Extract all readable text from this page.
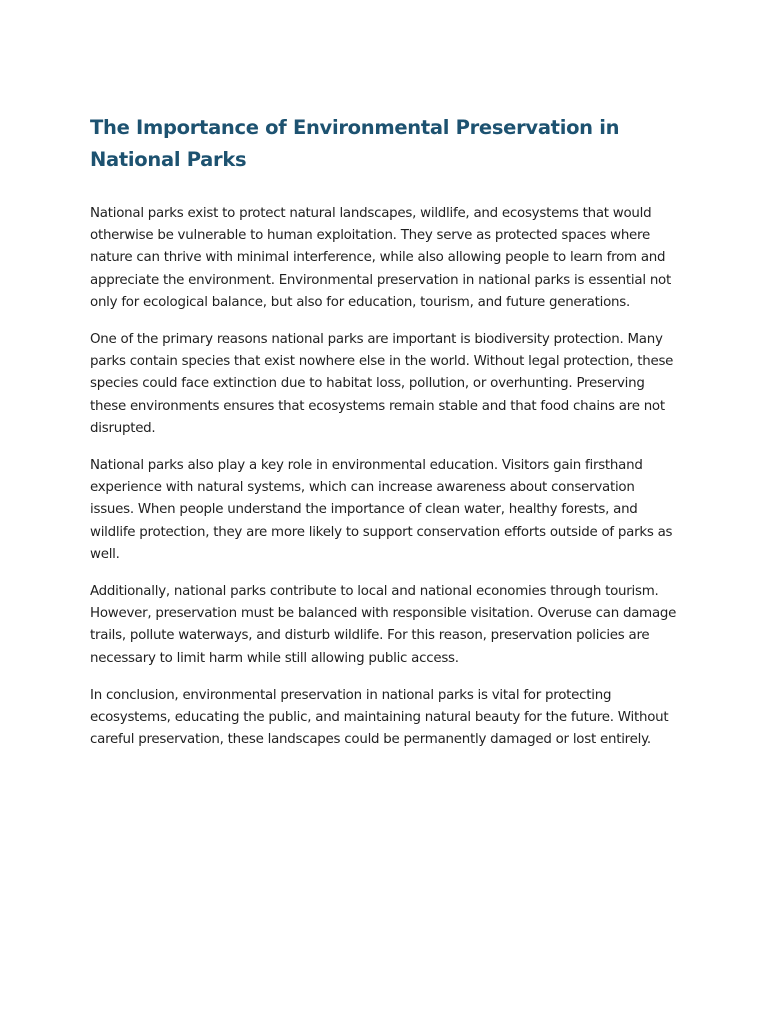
The Importance of Environmental Preservation in National Parks

National parks exist to protect natural landscapes, wildlife, and ecosystems that would otherwise be vulnerable to human exploitation. They serve as protected spaces where nature can thrive with minimal interference, while also allowing people to learn from and appreciate the environment. Environmental preservation in national parks is essential not only for ecological balance, but also for education, tourism, and future generations.

One of the primary reasons national parks are important is biodiversity protection. Many parks contain species that exist nowhere else in the world. Without legal protection, these species could face extinction due to habitat loss, pollution, or overhunting. Preserving these environments ensures that ecosystems remain stable and that food chains are not disrupted.

National parks also play a key role in environmental education. Visitors gain firsthand experience with natural systems, which can increase awareness about conservation issues. When people understand the importance of clean water, healthy forests, and wildlife protection, they are more likely to support conservation efforts outside of parks as well.

Additionally, national parks contribute to local and national economies through tourism. However, preservation must be balanced with responsible visitation. Overuse can damage trails, pollute waterways, and disturb wildlife. For this reason, preservation policies are necessary to limit harm while still allowing public access.

In conclusion, environmental preservation in national parks is vital for protecting ecosystems, educating the public, and maintaining natural beauty for the future. Without careful preservation, these landscapes could be permanently damaged or lost entirely.
